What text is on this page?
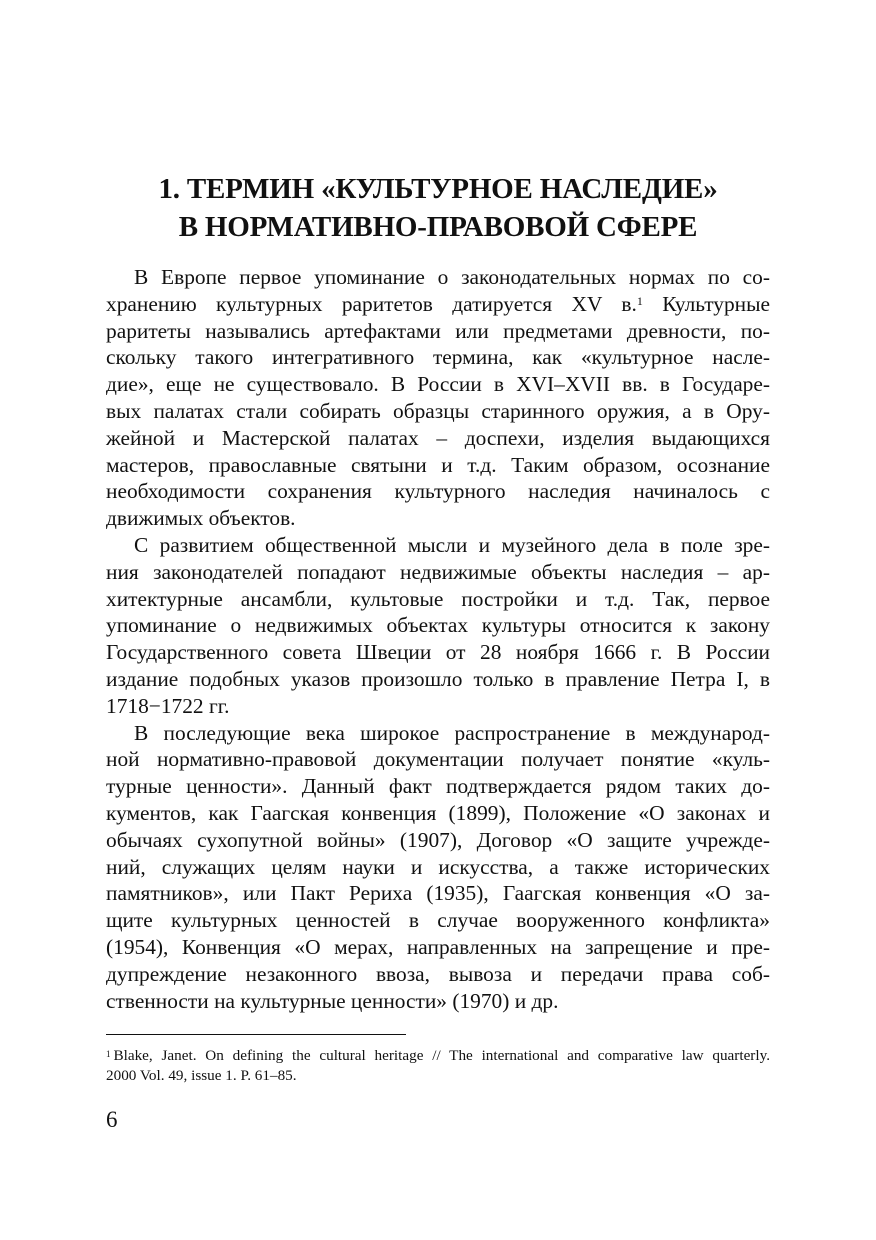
1. ТЕРМИН «КУЛЬТУРНОЕ НАСЛЕДИЕ»
В НОРМАТИВНО-ПРАВОВОЙ СФЕРЕ
В Европе первое упоминание о законодательных нормах по со-
хранению культурных раритетов датируется XV в.$^1$ Культурные
раритеты назывались артефактами или предметами древности, по-
скольку такого интегративного термина, как «культурное насле-
дие», еще не существовало. В России в XVI–XVII вв. в Государе-
вых палатах стали собирать образцы старинного оружия, а в Ору-
жейной и Мастерской палатах – доспехи, изделия выдающихся
мастеров, православные святыни и т.д. Таким образом, осознание
необходимости сохранения культурного наследия начиналось с
движимых объектов.
С развитием общественной мысли и музейного дела в поле зре-
ния законодателей попадают недвижимые объекты наследия – ар-
хитектурные ансамбли, культовые постройки и т.д. Так, первое
упоминание о недвижимых объектах культуры относится к закону
Государственного совета Швеции от 28 ноября 1666 г. В России
издание подобных указов произошло только в правление Петра I, в
1718−1722 гг.
В последующие века широкое распространение в международ-
ной нормативно-правовой документации получает понятие «куль-
турные ценности». Данный факт подтверждается рядом таких до-
кументов, как Гаагская конвенция (1899), Положение «О законах и
обычаях сухопутной войны» (1907), Договор «О защите учрежде-
ний, служащих целям науки и искусства, а также исторических
памятников», или Пакт Рериха (1935), Гаагская конвенция «О за-
щите культурных ценностей в случае вооруженного конфликта»
(1954), Конвенция «О мерах, направленных на запрещение и пре-
дупреждение незаконного ввоза, вывоза и передачи права соб-
ственности на культурные ценности» (1970) и др.
$^1$ Blake, Janet. On defining the cultural heritage // The international and comparative law quarterly.
2000 Vol. 49, issue 1. P. 61–85.
6
